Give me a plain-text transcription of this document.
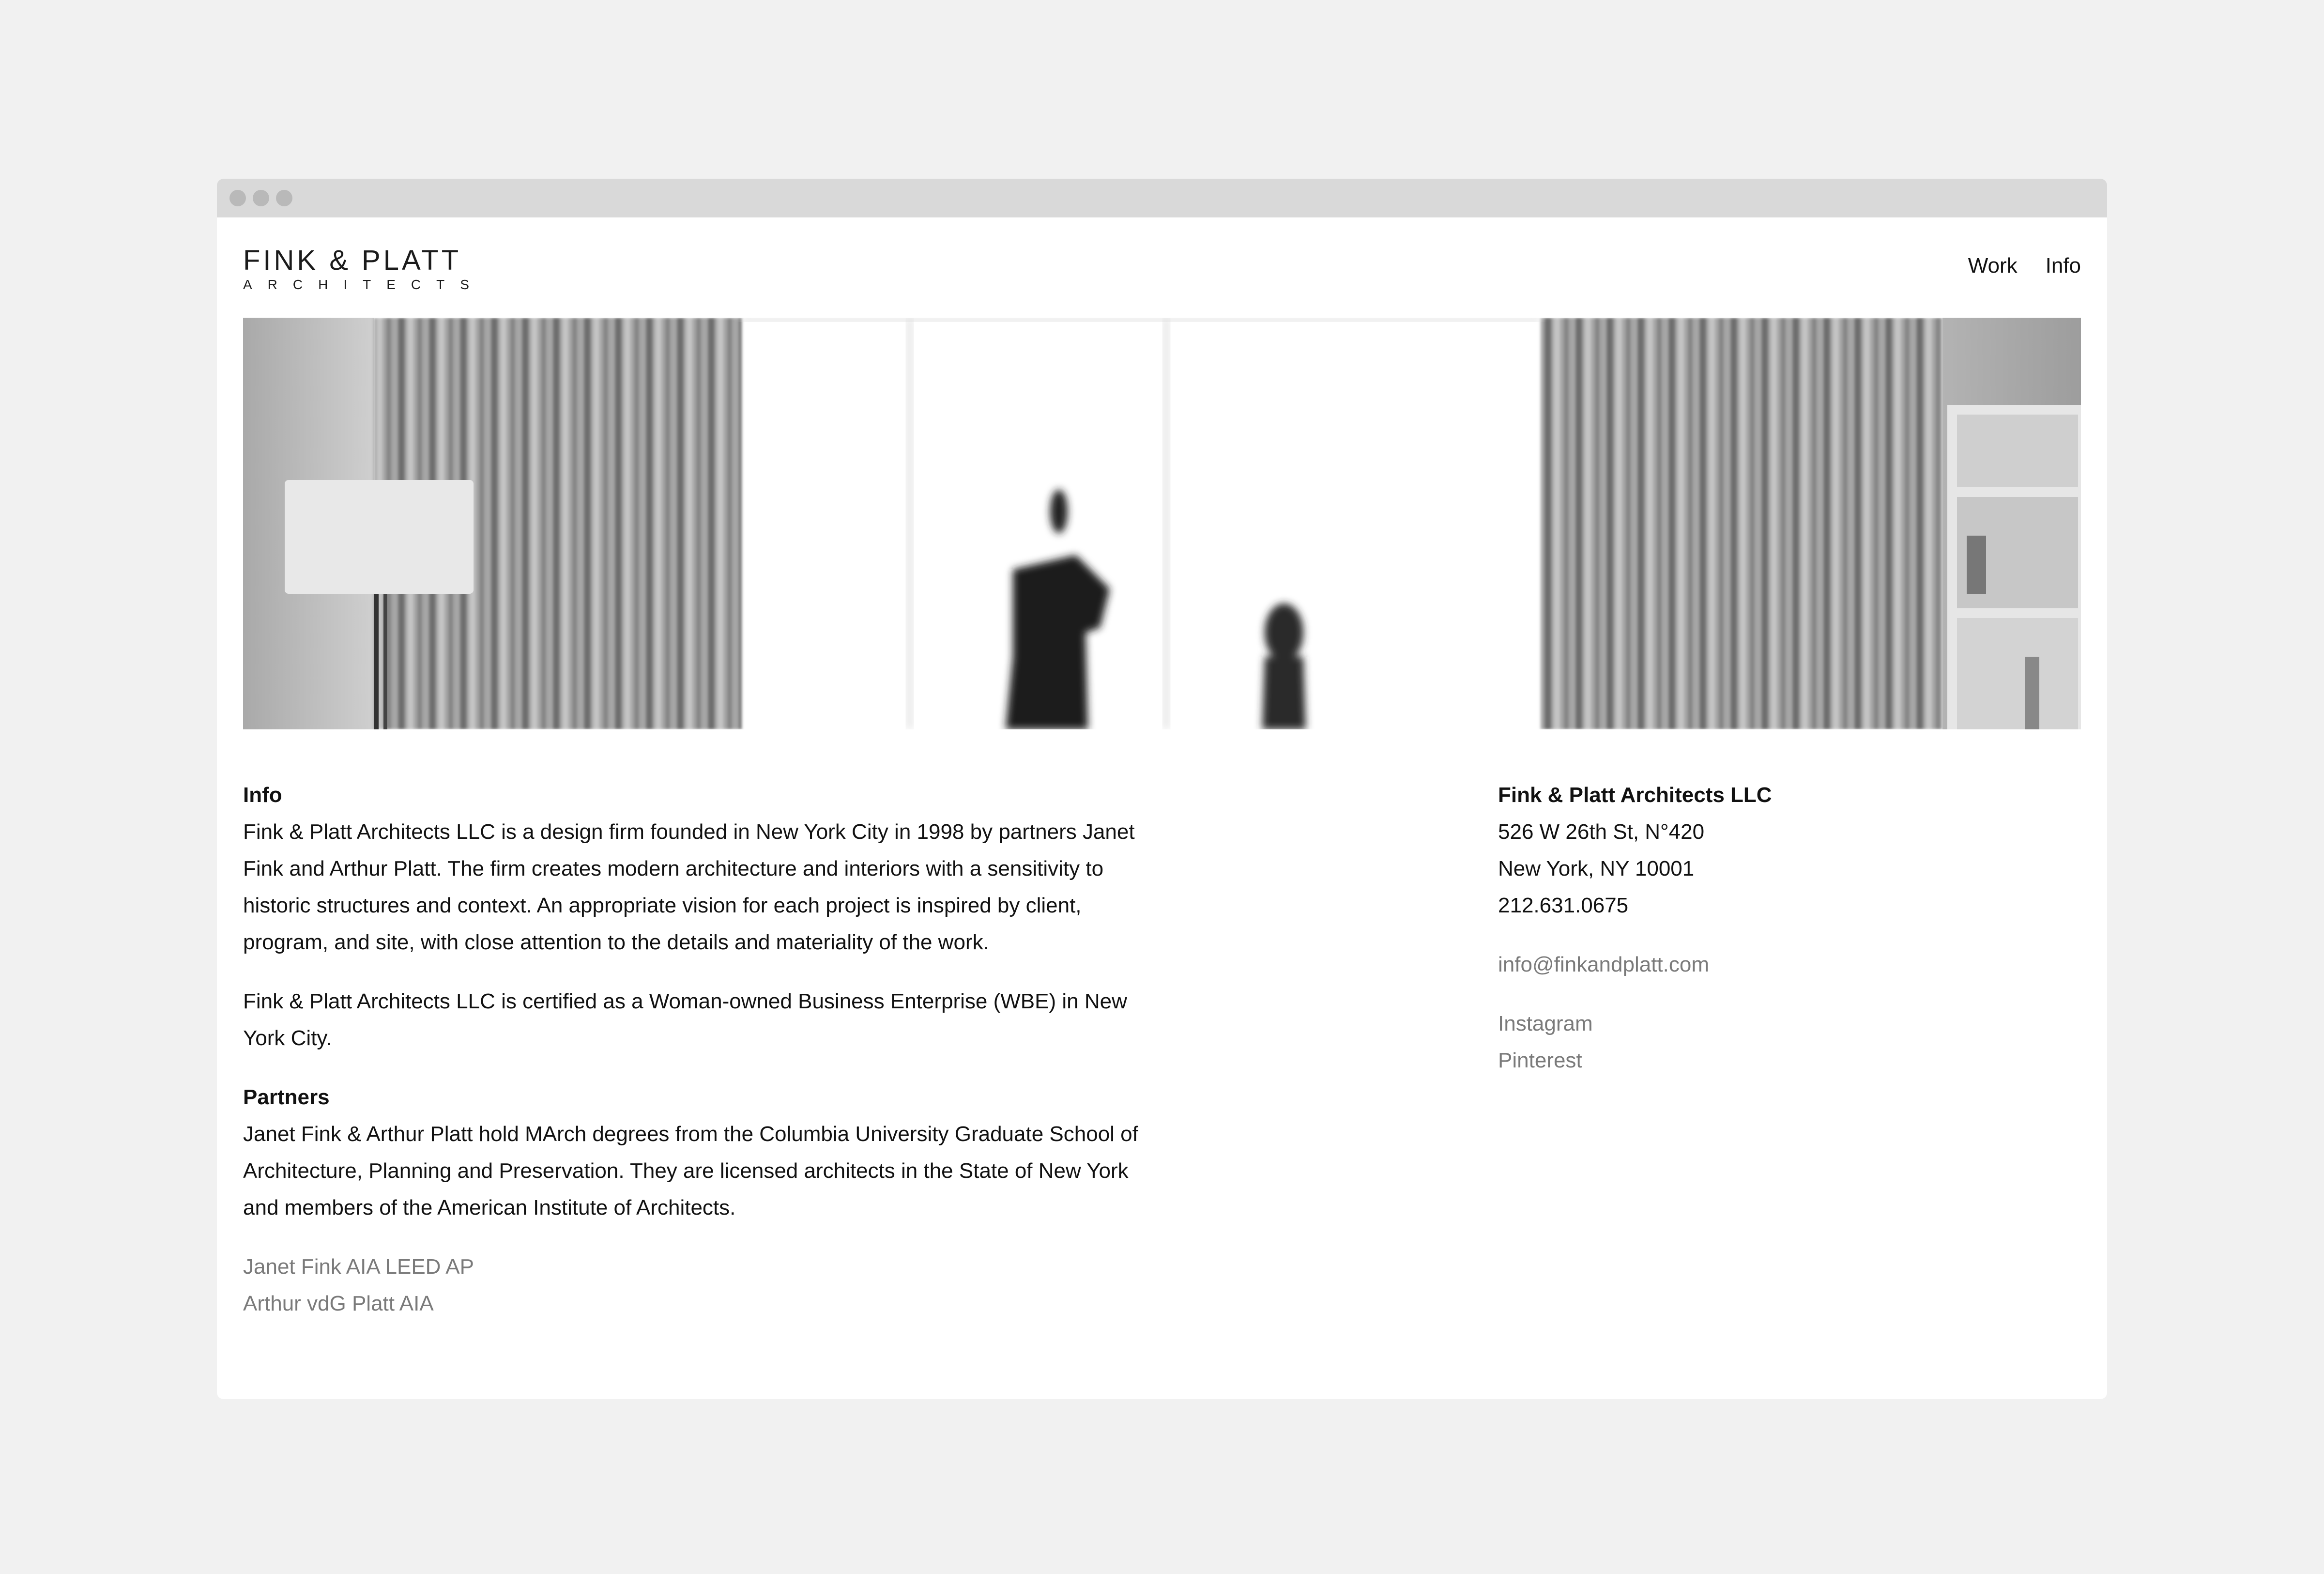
FINK & PLATT
ARCHITECTS
Work Info

Info

Fink & Platt Architects LLC is a design firm founded in New York City in 1998 by partners Janet Fink and Arthur Platt. The firm creates modern architecture and interiors with a sensitivity to historic structures and context. An appropriate vision for each project is inspired by client, program, and site, with close attention to the details and materiality of the work.

Fink & Platt Architects LLC is certified as a Woman-owned Business Enterprise (WBE) in New York City.

Partners

Janet Fink & Arthur Platt hold MArch degrees from the Columbia University Graduate School of Architecture, Planning and Preservation. They are licensed architects in the State of New York and members of the American Institute of Architects.

Janet Fink AIA LEED AP
Arthur vdG Platt AIA

Fink & Platt Architects LLC

526 W 26th St, N°420

New York, NY 10001

212.631.0675

info@finkandplatt.com
Instagram
Pinterest
